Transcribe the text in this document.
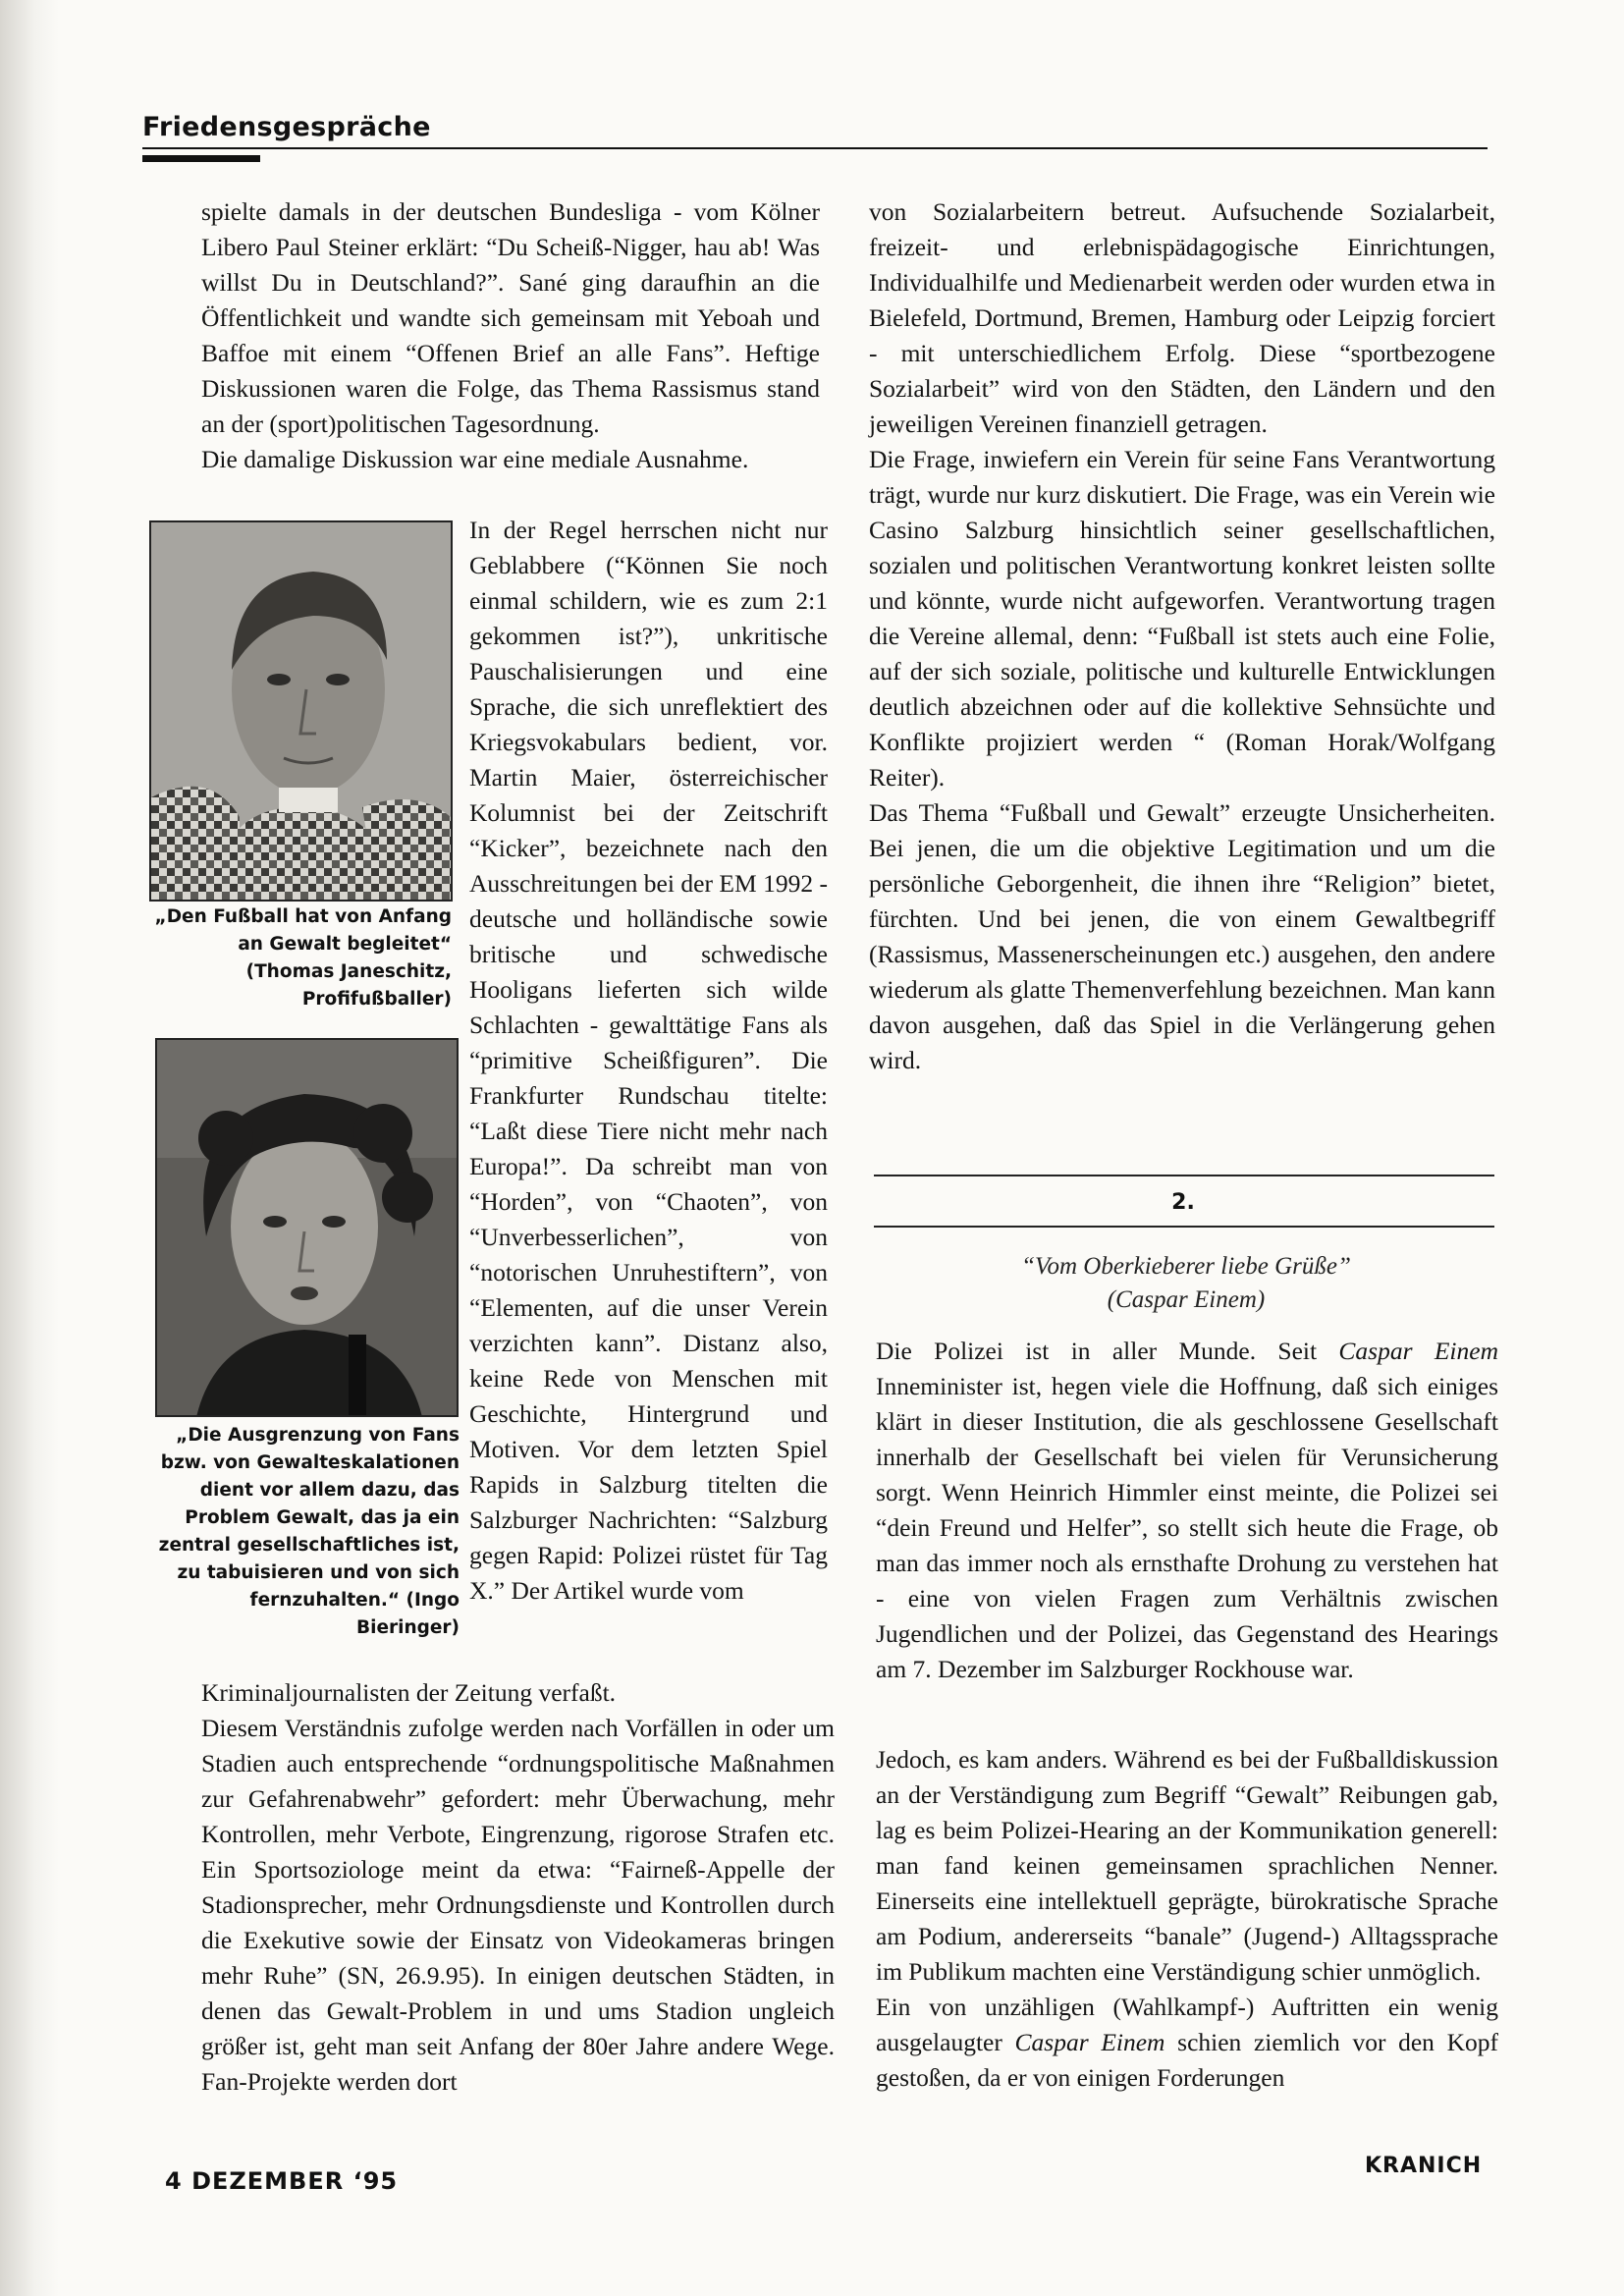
Friedensgespräche

spielte damals in der deutschen Bundesliga - vom Kölner Libero Paul Steiner erklärt: “Du Scheiß-Nigger, hau ab! Was willst Du in Deutschland?”. Sané ging daraufhin an die Öffentlichkeit und wandte sich gemeinsam mit Yeboah und Baffoe mit einem “Offenen Brief an alle Fans”. Heftige Diskussionen waren die Folge, das Thema Rassismus stand an der (sport)politischen Tagesordnung.

Die damalige Diskussion war eine mediale Ausnahme.

„Den Fußball hat von Anfang an Gewalt begleitet“ (Thomas Janeschitz, Profifußballer)

„Die Ausgrenzung von Fans bzw. von Gewalteskalationen dient vor allem dazu, das Problem Gewalt, das ja ein zentral gesellschaftliches ist, zu tabuisieren und von sich fernzuhalten.“ (Ingo Bieringer)

In der Regel herrschen nicht nur Geblabbere (“Können Sie noch einmal schildern, wie es zum 2:1 gekommen ist?”), unkritische Pauschalisierungen und eine Sprache, die sich unreflektiert des Kriegsvokabulars bedient, vor. Martin Maier, österreichischer Kolumnist bei der Zeitschrift “Kicker”, bezeichnete nach den Ausschreitungen bei der EM 1992 - deutsche und holländische sowie britische und schwedische Hooligans lieferten sich wilde Schlachten - gewalttätige Fans als “primitive Scheißfiguren”. Die Frankfurter Rundschau titelte: “Laßt diese Tiere nicht mehr nach Europa!”. Da schreibt man von “Horden”, von “Chaoten”, von “Unverbesserlichen”, von “notorischen Unruhestiftern”, von “Elementen, auf die unser Verein verzichten kann”. Distanz also, keine Rede von Menschen mit Geschichte, Hintergrund und Motiven. Vor dem letzten Spiel Rapids in Salzburg titelten die Salzburger Nachrichten: “Salzburg gegen Rapid: Polizei rüstet für Tag X.” Der Artikel wurde vom

Kriminaljournalisten der Zeitung verfaßt.

Diesem Verständnis zufolge werden nach Vorfällen in oder um Stadien auch entsprechende “ordnungspolitische Maßnahmen zur Gefahrenabwehr” gefordert: mehr Überwachung, mehr Kontrollen, mehr Verbote, Eingrenzung, rigorose Strafen etc. Ein Sportsoziologe meint da etwa: “Fairneß-Appelle der Stadionsprecher, mehr Ordnungsdienste und Kontrollen durch die Exekutive sowie der Einsatz von Videokameras bringen mehr Ruhe” (SN, 26.9.95). In einigen deutschen Städten, in denen das Gewalt-Problem in und ums Stadion ungleich größer ist, geht man seit Anfang der 80er Jahre andere Wege. Fan-Projekte werden dort

von Sozialarbeitern betreut. Aufsuchende Sozialarbeit, freizeit- und erlebnispädagogische Einrichtungen, Individualhilfe und Medienarbeit werden oder wurden etwa in Bielefeld, Dortmund, Bremen, Hamburg oder Leipzig forciert - mit unterschiedlichem Erfolg. Diese “sportbezogene Sozialarbeit” wird von den Städten, den Ländern und den jeweiligen Vereinen finanziell getragen.

Die Frage, inwiefern ein Verein für seine Fans Verantwortung trägt, wurde nur kurz diskutiert. Die Frage, was ein Verein wie Casino Salzburg hinsichtlich seiner gesellschaftlichen, sozialen und politischen Verantwortung konkret leisten sollte und könnte, wurde nicht aufgeworfen. Verantwortung tragen die Vereine allemal, denn: “Fußball ist stets auch eine Folie, auf der sich soziale, politische und kulturelle Entwicklungen deutlich abzeichnen oder auf die kollektive Sehnsüchte und Konflikte projiziert werden “ (Roman Horak/Wolfgang Reiter).

Das Thema “Fußball und Gewalt” erzeugte Unsicherheiten. Bei jenen, die um die objektive Legitimation und um die persönliche Geborgenheit, die ihnen ihre “Religion” bietet, fürchten. Und bei jenen, die von einem Gewaltbegriff (Rassismus, Massenerscheinungen etc.) ausgehen, den andere wiederum als glatte Themenverfehlung bezeichnen. Man kann davon ausgehen, daß das Spiel in die Verlängerung gehen wird.

2.
“Vom Oberkieberer liebe Grüße”
(Caspar Einem)

Die Polizei ist in aller Munde. Seit Caspar Einem Inneminister ist, hegen viele die Hoffnung, daß sich einiges klärt in dieser Institution, die als geschlossene Gesellschaft innerhalb der Gesellschaft bei vielen für Verunsicherung sorgt. Wenn Heinrich Himmler einst meinte, die Polizei sei “dein Freund und Helfer”, so stellt sich heute die Frage, ob man das immer noch als ernsthafte Drohung zu verstehen hat - eine von vielen Fragen zum Verhältnis zwischen Jugendlichen und der Polizei, das Gegenstand des Hearings am 7. Dezember im Salzburger Rockhouse war.

Jedoch, es kam anders. Während es bei der Fußballdiskussion an der Verständigung zum Begriff “Gewalt” Reibungen gab, lag es beim Polizei-Hearing an der Kommunikation generell: man fand keinen gemeinsamen sprachlichen Nenner. Einerseits eine intellektuell geprägte, bürokratische Sprache am Podium, andererseits “banale” (Jugend-) Alltagssprache im Publikum machten eine Verständigung schier unmöglich.

Ein von unzähligen (Wahlkampf-) Auftritten ein wenig ausgelaugter Caspar Einem schien ziemlich vor den Kopf gestoßen, da er von einigen Forderungen

4 DEZEMBER ‘95
KRANICH
